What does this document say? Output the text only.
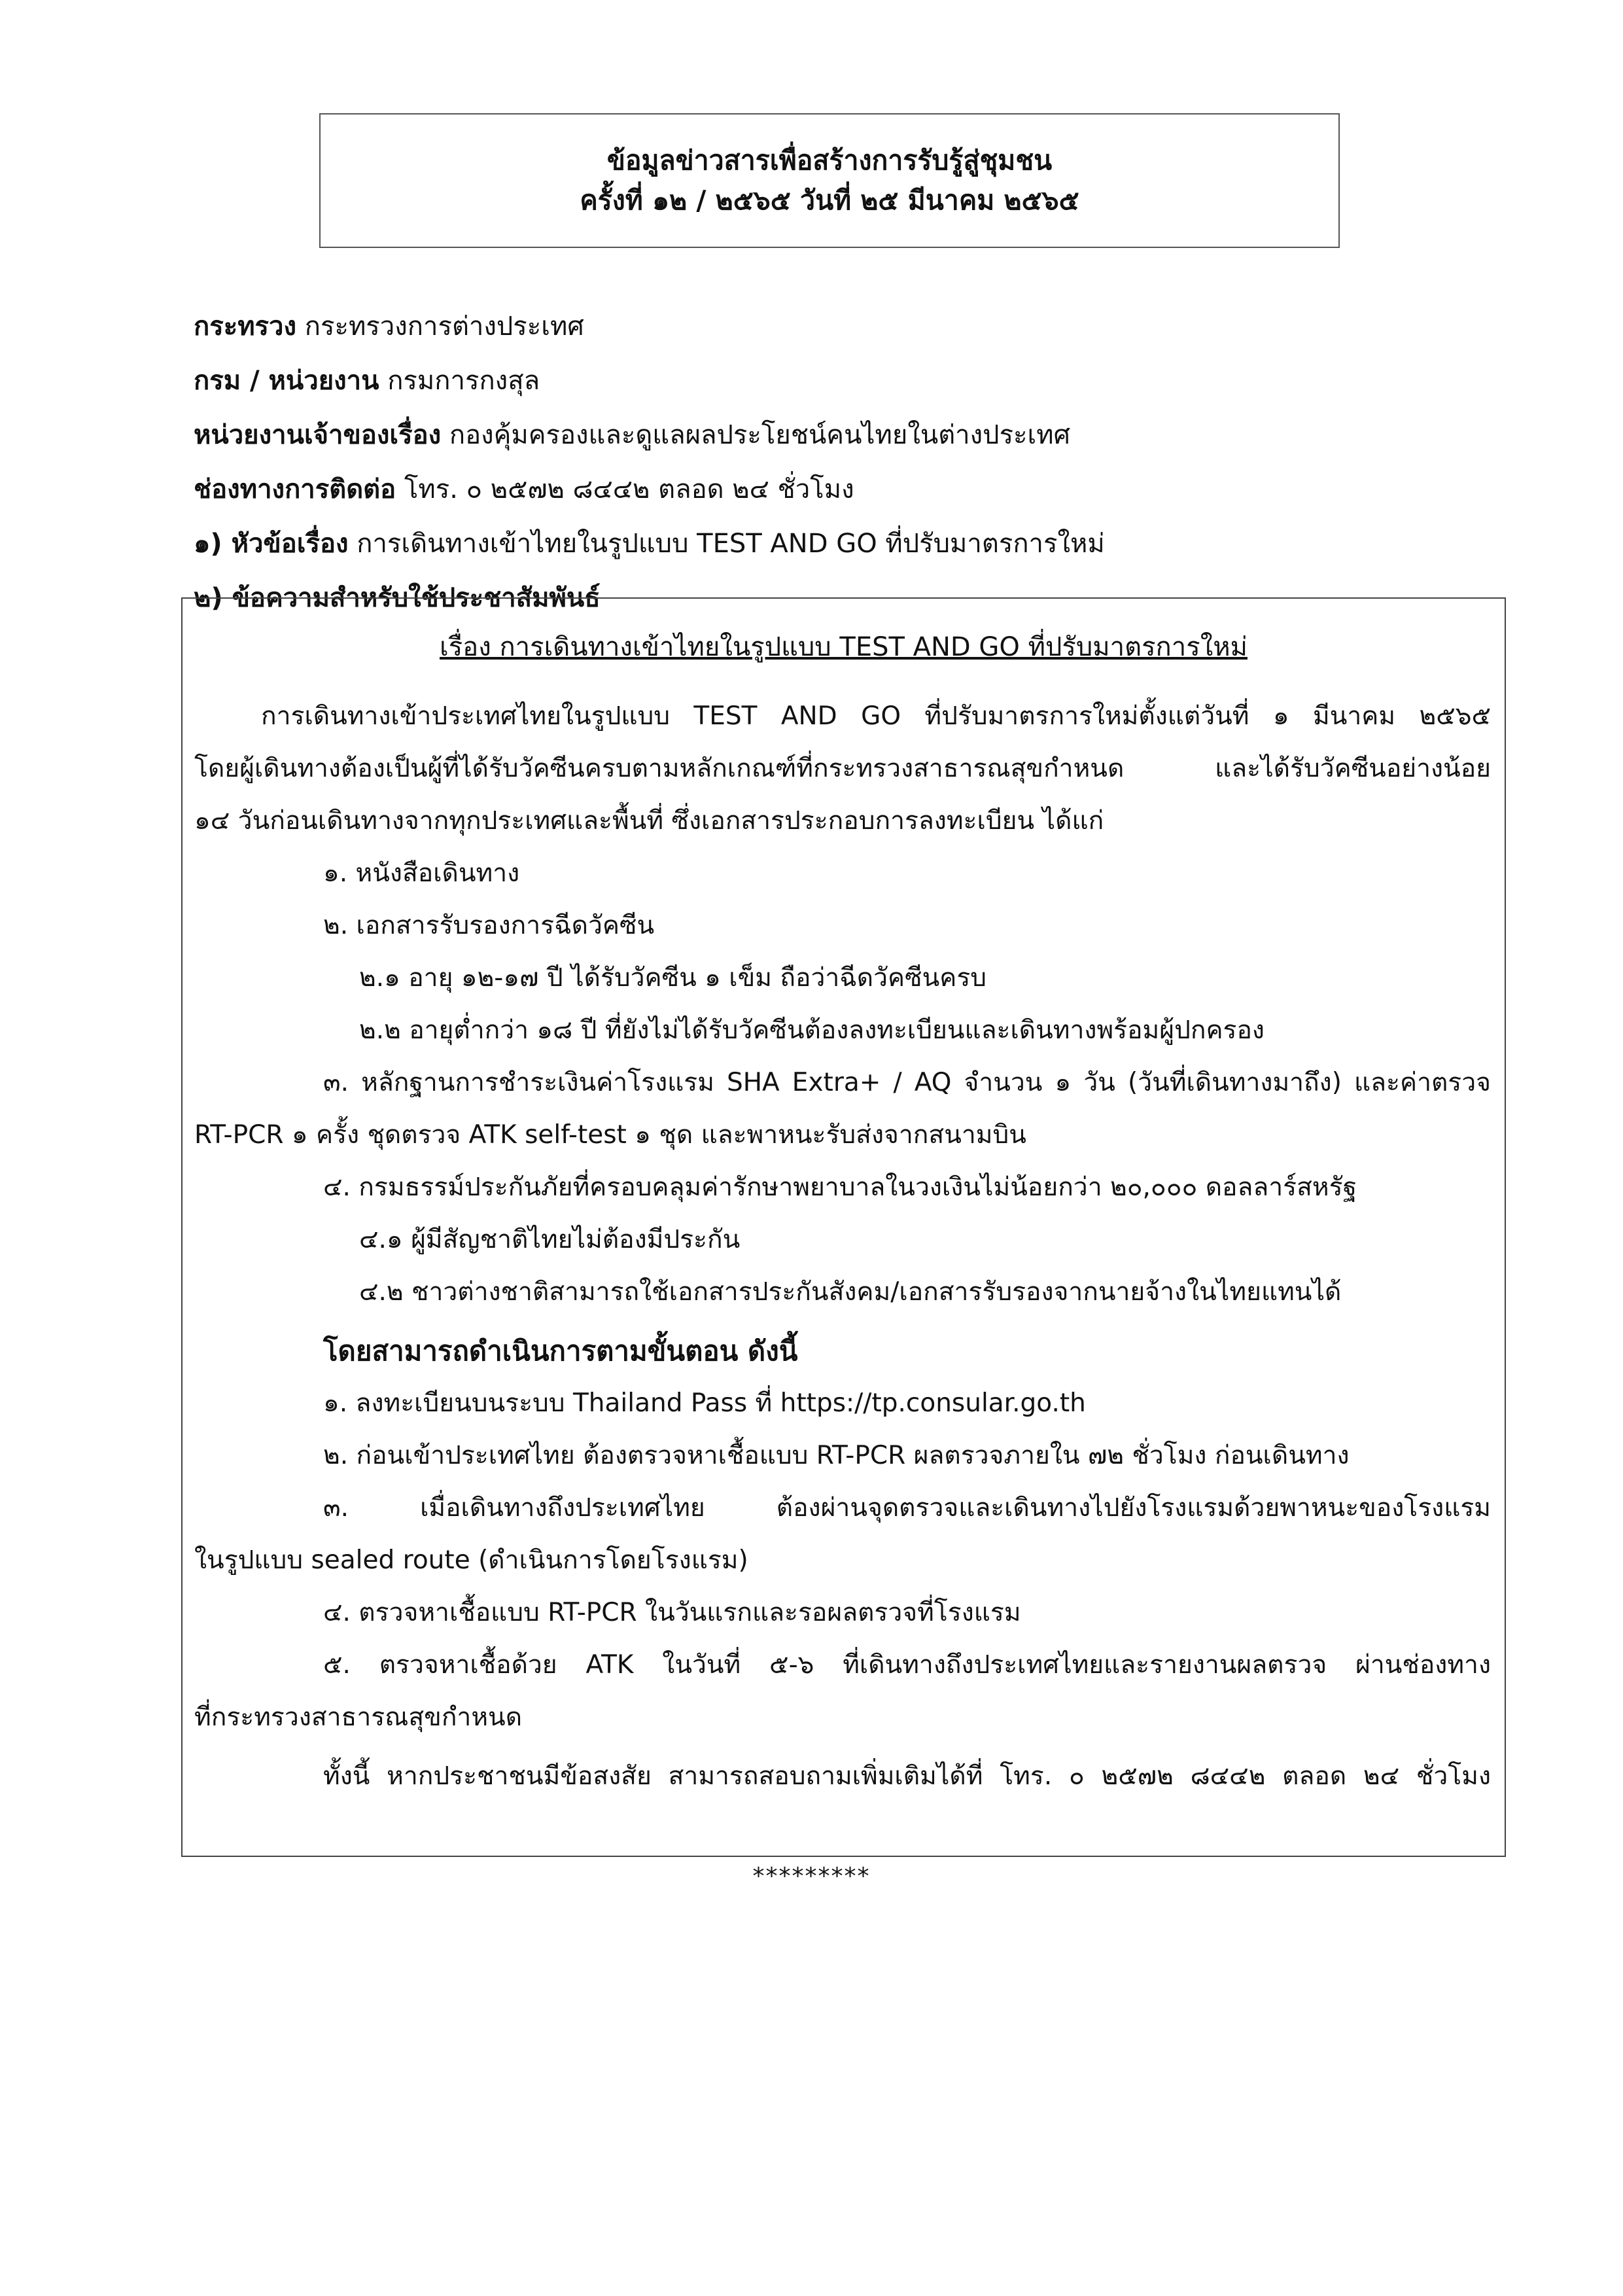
ข้อมูลข่าวสารเพื่อสร้างการรับรู้สู่ชุมชน
ครั้งที่ ๑๒ / ๒๕๖๕ วันที่ ๒๕ มีนาคม ๒๕๖๕
กระทรวง กระทรวงการต่างประเทศ
กรม / หน่วยงาน กรมการกงสุล
หน่วยงานเจ้าของเรื่อง กองคุ้มครองและดูแลผลประโยชน์คนไทยในต่างประเทศ
ช่องทางการติดต่อ โทร. ๐ ๒๕๗๒ ๘๔๔๒ ตลอด ๒๔ ชั่วโมง
๑) หัวข้อเรื่อง การเดินทางเข้าไทยในรูปแบบ TEST AND GO ที่ปรับมาตรการใหม่
๒) ข้อความสำหรับใช้ประชาสัมพันธ์
เรื่อง การเดินทางเข้าไทยในรูปแบบ TEST AND GO ที่ปรับมาตรการใหม่
การเดินทางเข้าประเทศไทยในรูปแบบ TEST AND GO ที่ปรับมาตรการใหม่ตั้งแต่วันที่ ๑ มีนาคม ๒๕๖๕
โดยผู้เดินทางต้องเป็นผู้ที่ได้รับวัคซีนครบตามหลักเกณฑ์ที่กระทรวงสาธารณสุขกำหนด และได้รับวัคซีนอย่างน้อย
๑๔ วันก่อนเดินทางจากทุกประเทศและพื้นที่ ซึ่งเอกสารประกอบการลงทะเบียน ได้แก่
๑. หนังสือเดินทาง
๒. เอกสารรับรองการฉีดวัคซีน
๒.๑ อายุ ๑๒-๑๗ ปี ได้รับวัคซีน ๑ เข็ม ถือว่าฉีดวัคซีนครบ
๒.๒ อายุต่ำกว่า ๑๘ ปี ที่ยังไม่ได้รับวัคซีนต้องลงทะเบียนและเดินทางพร้อมผู้ปกครอง
๓. หลักฐานการชำระเงินค่าโรงแรม SHA Extra+ / AQ จำนวน ๑ วัน (วันที่เดินทางมาถึง) และค่าตรวจ
RT-PCR ๑ ครั้ง ชุดตรวจ ATK self-test ๑ ชุด และพาหนะรับส่งจากสนามบิน
๔. กรมธรรม์ประกันภัยที่ครอบคลุมค่ารักษาพยาบาลในวงเงินไม่น้อยกว่า ๒๐,๐๐๐ ดอลลาร์สหรัฐ
๔.๑ ผู้มีสัญชาติไทยไม่ต้องมีประกัน
๔.๒ ชาวต่างชาติสามารถใช้เอกสารประกันสังคม/เอกสารรับรองจากนายจ้างในไทยแทนได้
โดยสามารถดำเนินการตามขั้นตอน ดังนี้
๑. ลงทะเบียนบนระบบ Thailand Pass ที่ https://tp.consular.go.th
๒. ก่อนเข้าประเทศไทย ต้องตรวจหาเชื้อแบบ RT-PCR ผลตรวจภายใน ๗๒ ชั่วโมง ก่อนเดินทาง
๓. เมื่อเดินทางถึงประเทศไทย ต้องผ่านจุดตรวจและเดินทางไปยังโรงแรมด้วยพาหนะของโรงแรม
ในรูปแบบ sealed route (ดำเนินการโดยโรงแรม)
๔. ตรวจหาเชื้อแบบ RT-PCR ในวันแรกและรอผลตรวจที่โรงแรม
๕. ตรวจหาเชื้อด้วย ATK ในวันที่ ๕-๖ ที่เดินทางถึงประเทศไทยและรายงานผลตรวจ ผ่านช่องทาง
ที่กระทรวงสาธารณสุขกำหนด
ทั้งนี้ หากประชาชนมีข้อสงสัย สามารถสอบถามเพิ่มเติมได้ที่ โทร. ๐ ๒๕๗๒ ๘๔๔๒ ตลอด ๒๔ ชั่วโมง
*********
